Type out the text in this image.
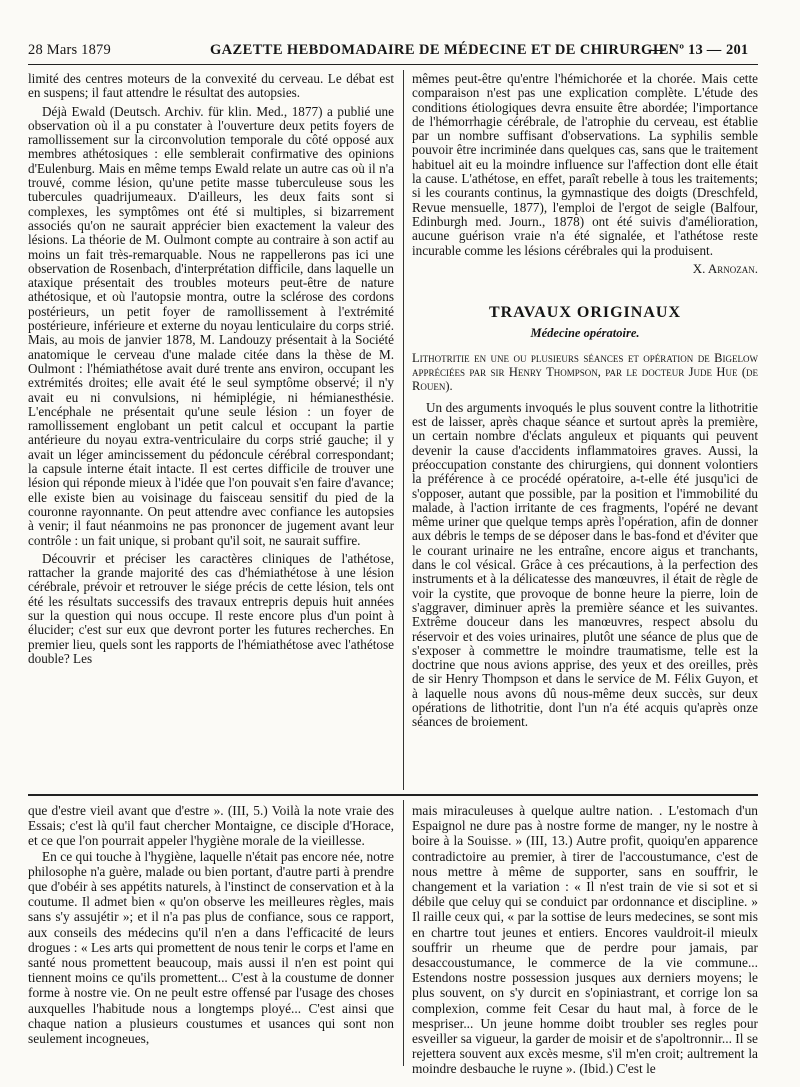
28 Mars 1879	GAZETTE HEBDOMADAIRE DE MÉDECINE ET DE CHIRURGIE
— Nº 13 — 201

limité des centres moteurs de la convexité du cerveau. Le débat est en suspens; il faut attendre le résultat des autopsies.

Déjà Ewald (Deutsch. Archiv. für klin. Med., 1877) a publié une observation où il a pu constater à l'ouverture deux petits foyers de ramollissement sur la circonvolution temporale du côté opposé aux membres athétosiques : elle semblerait confirmative des opinions d'Eulenburg. Mais en même temps Ewald relate un autre cas où il n'a trouvé, comme lésion, qu'une petite masse tuberculeuse sous les tubercules quadrijumeaux. D'ailleurs, les deux faits sont si complexes, les symptômes ont été si multiples, si bizarrement associés qu'on ne saurait apprécier bien exactement la valeur des lésions. La théorie de M. Oulmont compte au contraire à son actif au moins un fait très-remarquable. Nous ne rappellerons pas ici une observation de Rosenbach, d'interprétation difficile, dans laquelle un ataxique présentait des troubles moteurs peut-être de nature athétosique, et où l'autopsie montra, outre la sclérose des cordons postérieurs, un petit foyer de ramollissement à l'extrémité postérieure, inférieure et externe du noyau lenticulaire du corps strié. Mais, au mois de janvier 1878, M. Landouzy présentait à la Société anatomique le cerveau d'une malade citée dans la thèse de M. Oulmont : l'hémiathétose avait duré trente ans environ, occupant les extrémités droites; elle avait été le seul symptôme observé; il n'y avait eu ni convulsions, ni hémiplégie, ni hémianesthésie. L'encéphale ne présentait qu'une seule lésion : un foyer de ramollissement englobant un petit calcul et occupant la partie antérieure du noyau extra-ventriculaire du corps strié gauche; il y avait un léger amincissement du pédoncule cérébral correspondant; la capsule interne était intacte. Il est certes difficile de trouver une lésion qui réponde mieux à l'idée que l'on pouvait s'en faire d'avance; elle existe bien au voisinage du faisceau sensitif du pied de la couronne rayonnante. On peut attendre avec confiance les autopsies à venir; il faut néanmoins ne pas prononcer de jugement avant leur contrôle : un fait unique, si probant qu'il soit, ne saurait suffire.

Découvrir et préciser les caractères cliniques de l'athétose, rattacher la grande majorité des cas d'hémiathétose à une lésion cérébrale, prévoir et retrouver le siége précis de cette lésion, tels ont été les résultats successifs des travaux entrepris depuis huit années sur la question qui nous occupe. Il reste encore plus d'un point à élucider; c'est sur eux que devront porter les futures recherches. En premier lieu, quels sont les rapports de l'hémiathétose avec l'athétose double? Les

mêmes peut-être qu'entre l'hémichorée et la chorée. Mais cette comparaison n'est pas une explication complète. L'étude des conditions étiologiques devra ensuite être abordée; l'importance de l'hémorrhagie cérébrale, de l'atrophie du cerveau, est établie par un nombre suffisant d'observations. La syphilis semble pouvoir être incriminée dans quelques cas, sans que le traitement habituel ait eu la moindre influence sur l'affection dont elle était la cause. L'athétose, en effet, paraît rebelle à tous les traitements; si les courants continus, la gymnastique des doigts (Dreschfeld, Revue mensuelle, 1877), l'emploi de l'ergot de seigle (Balfour, Edinburgh med. Journ., 1878) ont été suivis d'amélioration, aucune guérison vraie n'a été signalée, et l'athétose reste incurable comme les lésions cérébrales qui la produisent.

X. Arnozan.
TRAVAUX ORIGINAUX
Médecine opératoire.
Lithotritie en une ou plusieurs séances et opération de Bigelow appréciées par sir Henry Thompson, par le docteur Jude Hue (de Rouen).

Un des arguments invoqués le plus souvent contre la lithotritie est de laisser, après chaque séance et surtout après la première, un certain nombre d'éclats anguleux et piquants qui peuvent devenir la cause d'accidents inflammatoires graves. Aussi, la préoccupation constante des chirurgiens, qui donnent volontiers la préférence à ce procédé opératoire, a-t-elle été jusqu'ici de s'opposer, autant que possible, par la position et l'immobilité du malade, à l'action irritante de ces fragments, l'opéré ne devant même uriner que quelque temps après l'opération, afin de donner aux débris le temps de se déposer dans le bas-fond et d'éviter que le courant urinaire ne les entraîne, encore aigus et tranchants, dans le col vésical. Grâce à ces précautions, à la perfection des instruments et à la délicatesse des manœuvres, il était de règle de voir la cystite, que provoque de bonne heure la pierre, loin de s'aggraver, diminuer après la première séance et les suivantes. Extrême douceur dans les manœuvres, respect absolu du réservoir et des voies urinaires, plutôt une séance de plus que de s'exposer à commettre le moindre traumatisme, telle est la doctrine que nous avions apprise, des yeux et des oreilles, près de sir Henry Thompson et dans le service de M. Félix Guyon, et à laquelle nous avons dû nous-même deux succès, sur deux opérations de lithotritie, dont l'un n'a été acquis qu'après onze séances de broiement.

que d'estre vieil avant que d'estre ». (III, 5.) Voilà la note vraie des Essais; c'est là qu'il faut chercher Montaigne, ce disciple d'Horace, et ce que l'on pourrait appeler l'hygiène morale de la vieillesse.

En ce qui touche à l'hygiène, laquelle n'était pas encore née, notre philosophe n'a guère, malade ou bien portant, d'autre parti à prendre que d'obéir à ses appétits naturels, à l'instinct de conservation et à la coutume. Il admet bien « qu'on observe les meilleures règles, mais sans s'y assujétir »; et il n'a pas plus de confiance, sous ce rapport, aux conseils des médecins qu'il n'en a dans l'efficacité de leurs drogues : « Les arts qui promettent de nous tenir le corps et l'ame en santé nous promettent beaucoup, mais aussi il n'en est point qui tiennent moins ce qu'ils promettent... C'est à la coustume de donner forme à nostre vie. On ne peult estre offensé par l'usage des choses auxquelles l'habitude nous a longtemps ployé... C'est ainsi que chaque nation a plusieurs coustumes et usances qui sont non seulement incogneues,

mais miraculeuses à quelque aultre nation. . L'estomach d'un Espaignol ne dure pas à nostre forme de manger, ny le nostre à boire à la Souisse. » (III, 13.) Autre profit, quoiqu'en apparence contradictoire au premier, à tirer de l'accoustumance, c'est de nous mettre à même de supporter, sans en souffrir, le changement et la variation : « Il n'est train de vie si sot et si débile que celuy qui se conduict par ordonnance et discipline. » Il raille ceux qui, « par la sottise de leurs medecines, se sont mis en chartre tout jeunes et entiers. Encores vauldroit-il mieulx souffrir un rheume que de perdre pour jamais, par desaccoustumance, le commerce de la vie commune... Estendons nostre possession jusques aux derniers moyens; le plus souvent, on s'y durcit en s'opiniastrant, et corrige lon sa complexion, comme feit Cesar du haut mal, à force de le mespriser... Un jeune homme doibt troubler ses regles pour esveiller sa vigueur, la garder de moisir et de s'apoltronnir... Il se rejettera souvent aux excès mesme, s'il m'en croit; aultrement la moindre desbauche le ruyne ». (Ibid.) C'est le
